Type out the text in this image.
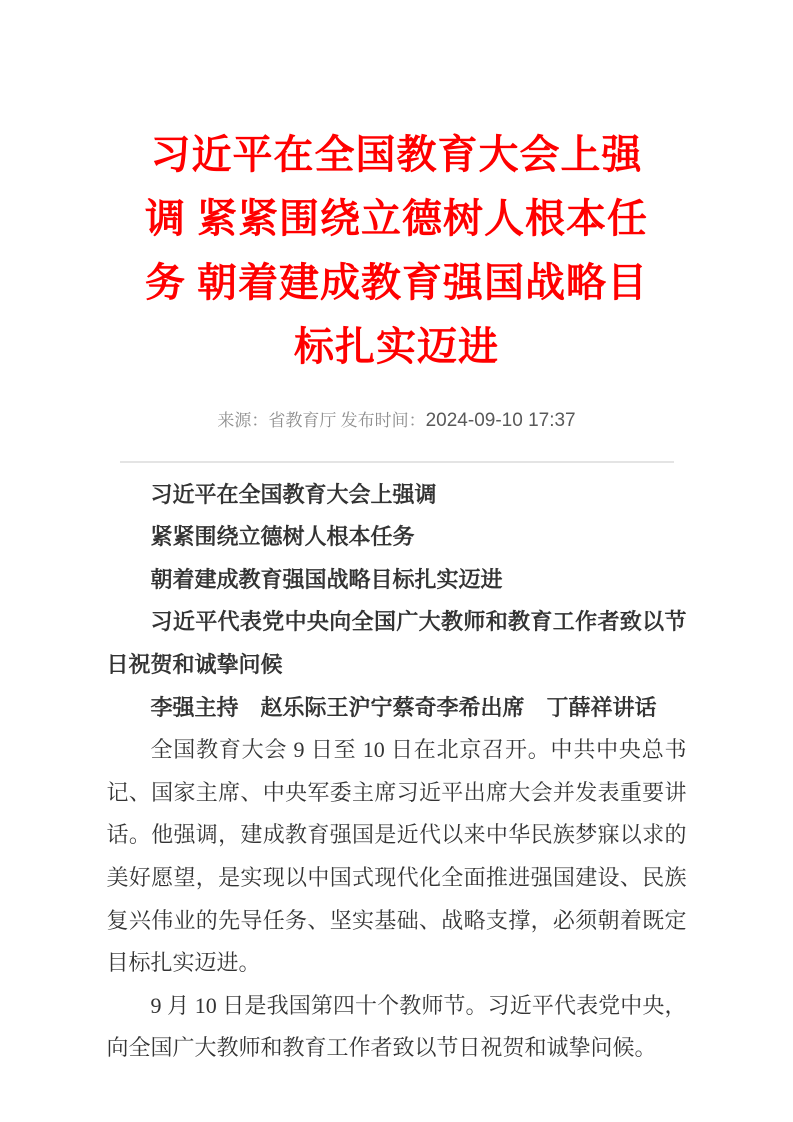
习近平在全国教育大会上强
调 紧紧围绕立德树人根本任
务 朝着建成教育强国战略目
标扎实迈进
来源：省教育厅 发布时间：2024-09-10 17:37

习近平在全国教育大会上强调

紧紧围绕立德树人根本任务

朝着建成教育强国战略目标扎实迈进

习近平代表党中央向全国广大教师和教育工作者致以节日祝贺和诚挚问候

李强主持　赵乐际王沪宁蔡奇李希出席　丁薛祥讲话

全国教育大会 9 日至 10 日在北京召开。中共中央总书记、国家主席、中央军委主席习近平出席大会并发表重要讲话。他强调，建成教育强国是近代以来中华民族梦寐以求的美好愿望，是实现以中国式现代化全面推进强国建设、民族复兴伟业的先导任务、坚实基础、战略支撑，必须朝着既定目标扎实迈进。

9 月 10 日是我国第四十个教师节。习近平代表党中央，向全国广大教师和教育工作者致以节日祝贺和诚挚问候。
